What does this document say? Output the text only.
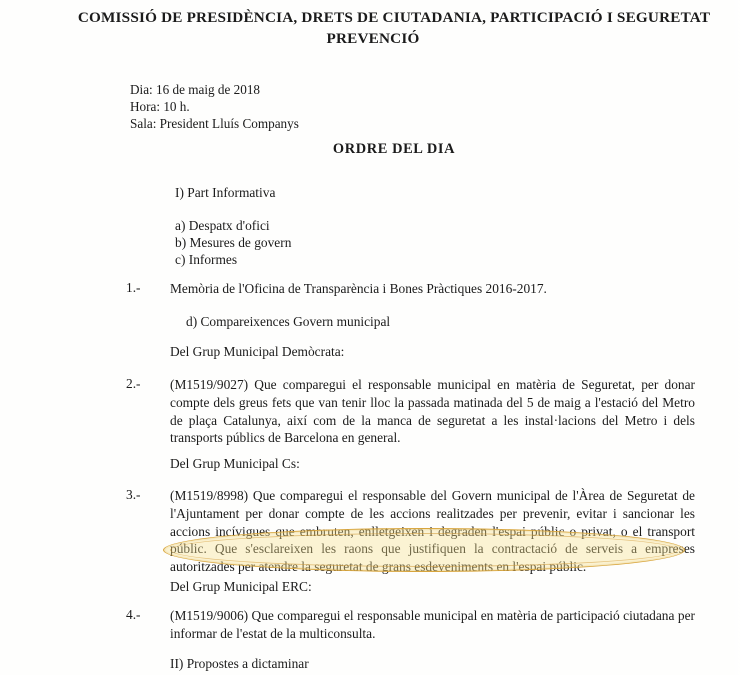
COMISSIÓ DE PRESIDÈNCIA, DRETS DE CIUTADANIA, PARTICIPACIÓ I SEGURETAT
PREVENCIÓ
Dia: 16 de maig de 2018
Hora: 10 h.
Sala: President Lluís Companys
ORDRE DEL DIA
I) Part Informativa
a) Despatx d'ofici
b) Mesures de govern
c) Informes
1.- Memòria de l'Oficina de Transparència i Bones Pràctiques 2016-2017.
d) Compareixences Govern municipal
Del Grup Municipal Demòcrata:
2.- (M1519/9027) Que comparegui el responsable municipal en matèria de Seguretat, per donar compte dels greus fets que van tenir lloc la passada matinada del 5 de maig a l'estació del Metro de plaça Catalunya, així com de la manca de seguretat a les instal·lacions del Metro i dels transports públics de Barcelona en general.
Del Grup Municipal Cs:
3.- (M1519/8998) Que comparegui el responsable del Govern municipal de l'Àrea de Seguretat de l'Ajuntament per donar compte de les accions realitzades per prevenir, evitar i sancionar les accions incívigues que embruten, enlletgeixen i degraden l'espai públic o privat, o el transport públic. Que s'esclareixen les raons que justifiquen la contractació de serveis a empreses autoritzades per atendre la seguretat de grans esdeveniments en l'espai públic.
Del Grup Municipal ERC:
4.- (M1519/9006) Que comparegui el responsable municipal en matèria de participació ciutadana per informar de l'estat de la multiconsulta.
II) Propostes a dictaminar
